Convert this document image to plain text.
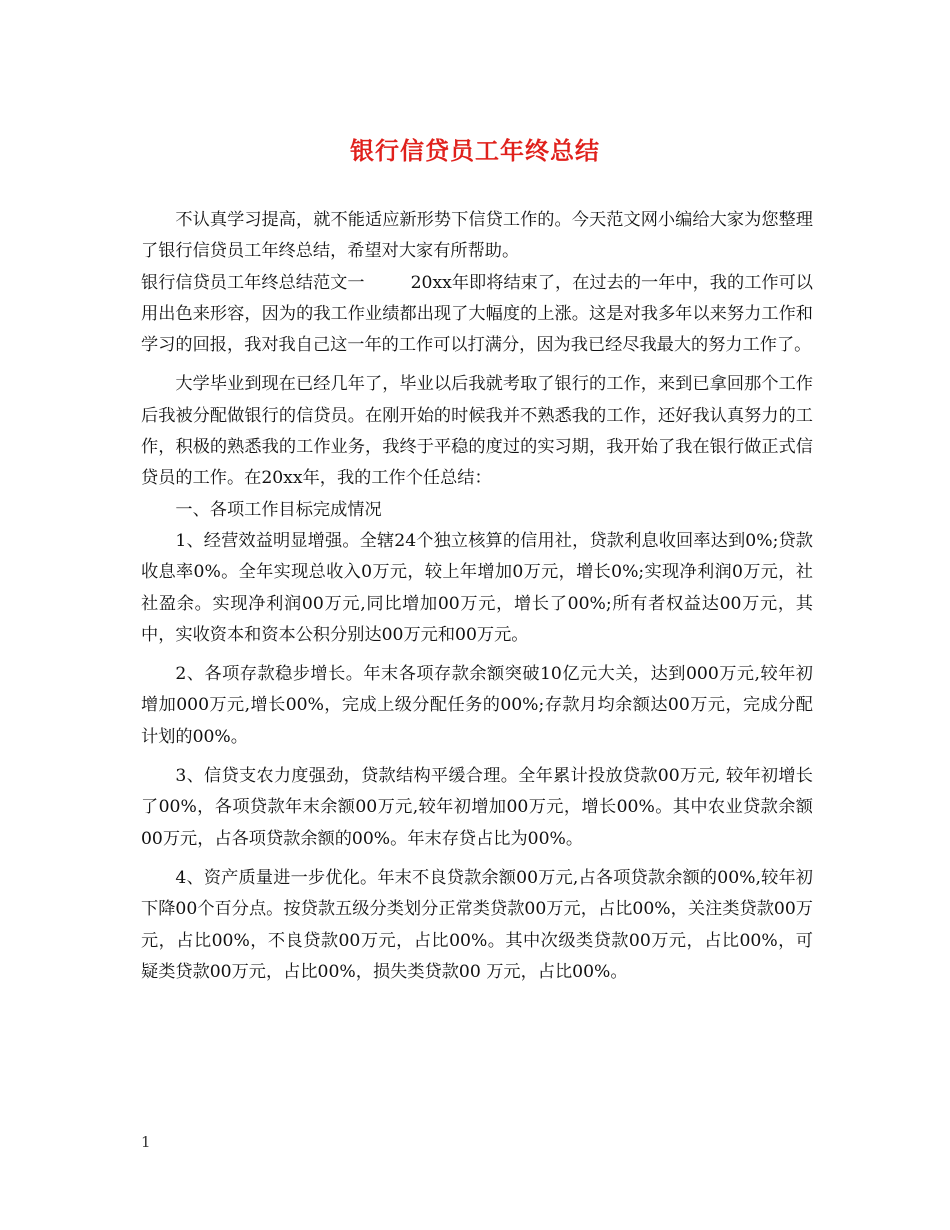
银行信贷员工年终总结

不认真学习提高，就不能适应新形势下信贷工作的。今天范文网小编给大家为您整理了银行信贷员工年终总结，希望对大家有所帮助。

银行信贷员工年终总结范文一	20xx年即将结束了，在过去的一年中，我的工作可以用出色来形容，因为的我工作业绩都出现了大幅度的上涨。这是对我多年以来努力工作和学习的回报，我对我自己这一年的工作可以打满分，因为我已经尽我最大的努力工作了。

大学毕业到现在已经几年了，毕业以后我就考取了银行的工作，来到已拿回那个工作后我被分配做银行的信贷员。在刚开始的时候我并不熟悉我的工作，还好我认真努力的工作，积极的熟悉我的工作业务，我终于平稳的度过的实习期，我开始了我在银行做正式信贷员的工作。在20xx年，我的工作个任总结：

一、各项工作目标完成情况

1、经营效益明显增强。全辖24个独立核算的信用社，贷款利息收回率达到0%;贷款收息率0%。全年实现总收入0万元，较上年增加0万元，增长0%;实现净利润0万元，社社盈余。实现净利润00万元,同比增加00万元，增长了00%;所有者权益达00万元，其中，实收资本和资本公积分别达00万元和00万元。

2、各项存款稳步增长。年末各项存款余额突破10亿元大关，达到000万元,较年初增加000万元,增长00%，完成上级分配任务的00%;存款月均余额达00万元，完成分配计划的00%。

3、信贷支农力度强劲，贷款结构平缓合理。全年累计投放贷款00万元, 较年初增长了00%，各项贷款年末余额00万元,较年初增加00万元，增长00%。其中农业贷款余额00万元，占各项贷款余额的00%。年末存贷占比为00%。

4、资产质量进一步优化。年末不良贷款余额00万元,占各项贷款余额的00%,较年初下降00个百分点。按贷款五级分类划分正常类贷款00万元，占比00%，关注类贷款00万元，占比00%，不良贷款00万元，占比00%。其中次级类贷款00万元，占比00%，可疑类贷款00万元，占比00%，损失类贷款00 万元，占比00%。

1
